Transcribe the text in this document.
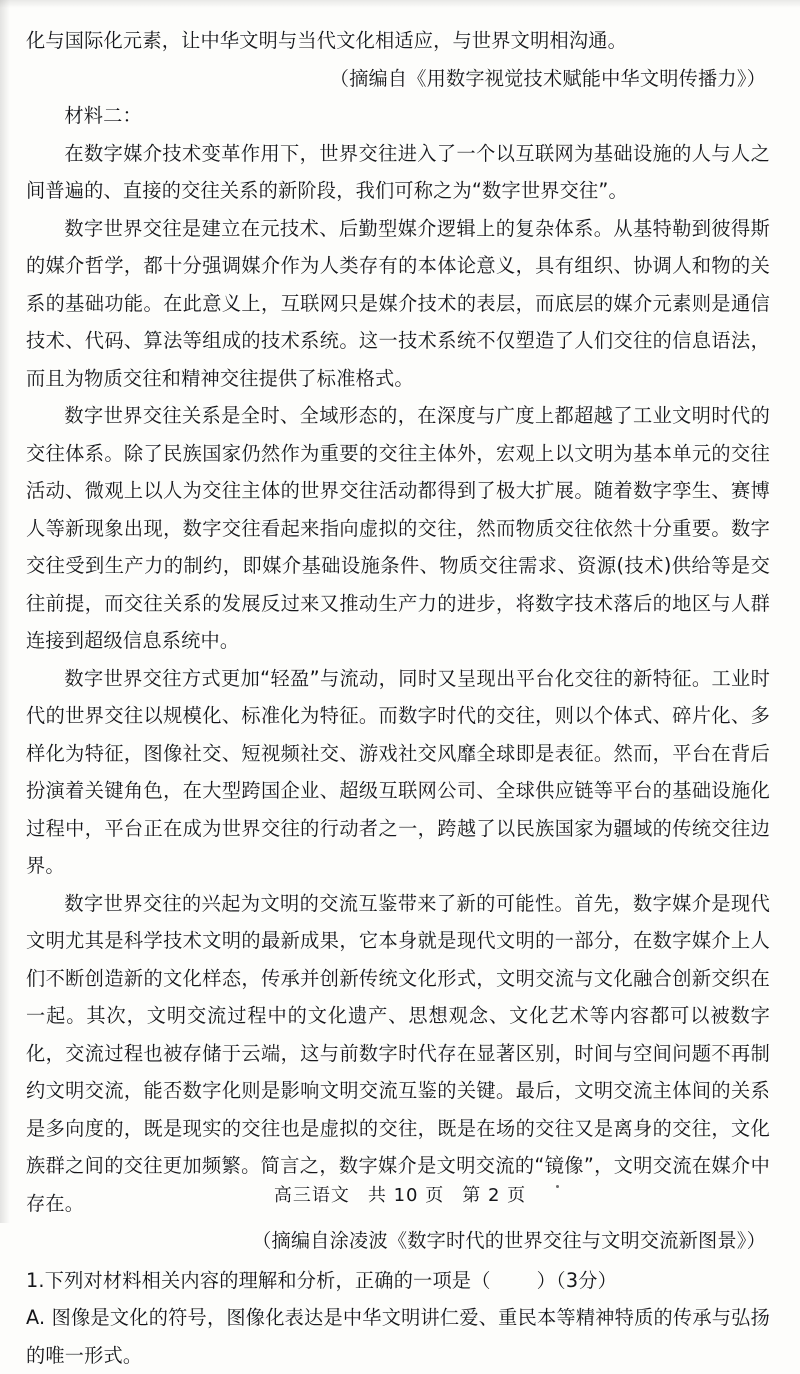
化与国际化元素，让中华文明与当代文化相适应，与世界文明相沟通。

（摘编自《用数字视觉技术赋能中华文明传播力》）

材料二：

在数字媒介技术变革作用下，世界交往进入了一个以互联网为基础设施的人与人之间普遍的、直接的交往关系的新阶段，我们可称之为“数字世界交往”。

数字世界交往是建立在元技术、后勤型媒介逻辑上的复杂体系。从基特勒到彼得斯的媒介哲学，都十分强调媒介作为人类存有的本体论意义，具有组织、协调人和物的关系的基础功能。在此意义上，互联网只是媒介技术的表层，而底层的媒介元素则是通信技术、代码、算法等组成的技术系统。这一技术系统不仅塑造了人们交往的信息语法，而且为物质交往和精神交往提供了标准格式。

数字世界交往关系是全时、全域形态的，在深度与广度上都超越了工业文明时代的交往体系。除了民族国家仍然作为重要的交往主体外，宏观上以文明为基本单元的交往活动、微观上以人为交往主体的世界交往活动都得到了极大扩展。随着数字孪生、赛博人等新现象出现，数字交往看起来指向虚拟的交往，然而物质交往依然十分重要。数字交往受到生产力的制约，即媒介基础设施条件、物质交往需求、资源(技术)供给等是交往前提，而交往关系的发展反过来又推动生产力的进步，将数字技术落后的地区与人群连接到超级信息系统中。

数字世界交往方式更加“轻盈”与流动，同时又呈现出平台化交往的新特征。工业时代的世界交往以规模化、标准化为特征。而数字时代的交往，则以个体式、碎片化、多样化为特征，图像社交、短视频社交、游戏社交风靡全球即是表征。然而，平台在背后扮演着关键角色，在大型跨国企业、超级互联网公司、全球供应链等平台的基础设施化过程中，平台正在成为世界交往的行动者之一，跨越了以民族国家为疆域的传统交往边界。

数字世界交往的兴起为文明的交流互鉴带来了新的可能性。首先，数字媒介是现代文明尤其是科学技术文明的最新成果，它本身就是现代文明的一部分，在数字媒介上人们不断创造新的文化样态，传承并创新传统文化形式，文明交流与文化融合创新交织在一起。其次，文明交流过程中的文化遗产、思想观念、文化艺术等内容都可以被数字化，交流过程也被存储于云端，这与前数字时代存在显著区别，时间与空间问题不再制约文明交流，能否数字化则是影响文明交流互鉴的关键。最后，文明交流主体间的关系是多向度的，既是现实的交往也是虚拟的交往，既是在场的交往又是离身的交往，文化族群之间的交往更加频繁。简言之，数字媒介是文明交流的“镜像”，文明交流在媒介中存在。

（摘编自涂凌波《数字时代的世界交往与文明交流新图景》）

1.下列对材料相关内容的理解和分析，正确的一项是（ ）（3分）

A. 图像是文化的符号，图像化表达是中华文明讲仁爱、重民本等精神特质的传承与弘扬的唯一形式。

高三语文 共 10 页 第 2 页
